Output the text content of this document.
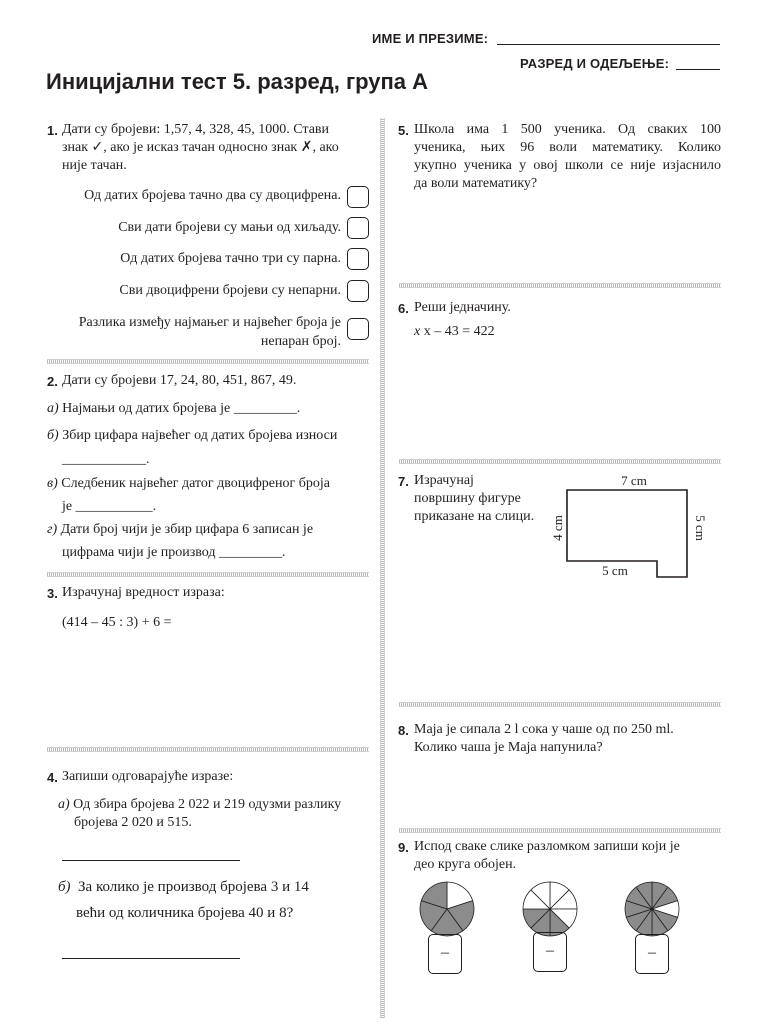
ИМЕ И ПРЕЗИМЕ:
РАЗРЕД И ОДЕЉЕЊЕ:
Иницијални тест 5. разред, група А
1. Дати су бројеви: 1,57, 4, 328, 45, 1000. Стави
знак ✓, ако је исказ тачан односно знак ✗, ако
није тачан.
Од датих бројева тачно два су двоцифрена.
Сви дати бројеви су мањи од хиљаду.
Од датих бројева тачно три су парна.
Сви двоцифрени бројеви су непарни.
Разлика између најмањег и највећег броја је
непаран број.
2. Дати су бројеви 17, 24, 80, 451, 867, 49.
а) Најмањи од датих бројева је _________.
б) Збир цифара највећег од датих бројева износи
____________.
в) Следбеник највећег датог двоцифреног броја
је ___________.
г) Дати број чији је збир цифара 6 записан је
цифрама чији је производ _________.
3. Израчунај вредност израза:
(414 – 45 : 3) + 6 =
4. Запиши одговарајуће изразе:
а) Од збира бројева 2 022 и 219 одузми разлику
бројева 2 020 и 515.
б) За колико је производ бројева 3 и 14
већи од количника бројева 40 и 8?
5. Школа има 1 500 ученика. Од сваких 100
ученика, њих 96 воли математику. Колико
укупно ученика у овој школи се није изјаснило
да воли математику?
6. Реши једначину.
x x – 43 = 422
7. Израчунај
површину фигуре
приказане на слици.
7 cm
5 cm
4 cm	5 cm
8. Маја је сипала 2 l сока у чаше од по 250 ml.
Колико чаша је Маја напунила?
9. Испод сваке слике разломком запиши који је
део круга обојен.
–	–	–
